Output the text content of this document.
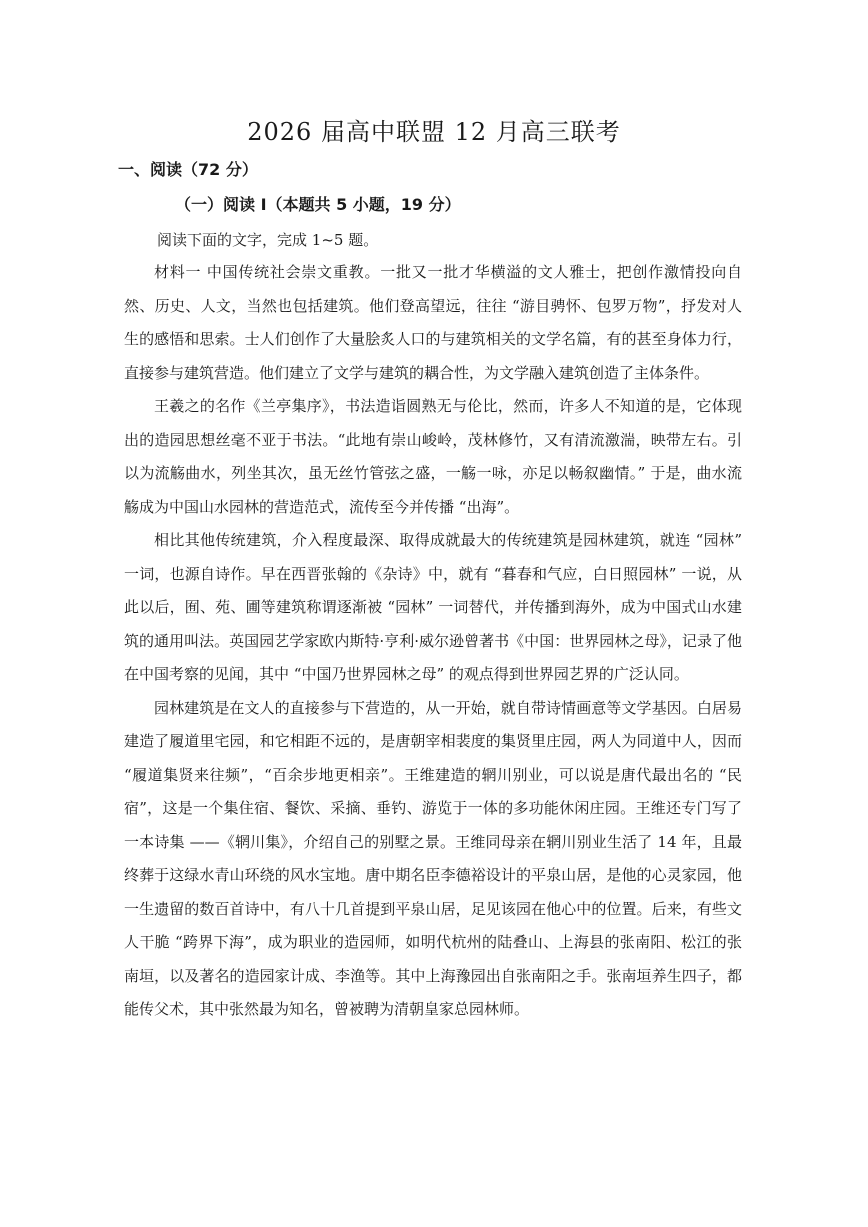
2026 届高中联盟 12 月高三联考
一、阅读（72 分）
（一）阅读 Ⅰ（本题共 5 小题，19 分）
阅读下面的文字，完成 1~5 题。

材料一 中国传统社会崇文重教。一批又一批才华横溢的文人雅士，把创作激情投向自然、历史、人文，当然也包括建筑。他们登高望远，往往 “游目骋怀、包罗万物”，抒发对人生的感悟和思索。士人们创作了大量脍炙人口的与建筑相关的文学名篇，有的甚至身体力行，直接参与建筑营造。他们建立了文学与建筑的耦合性，为文学融入建筑创造了主体条件。

王羲之的名作《兰亭集序》，书法造诣圆熟无与伦比，然而，许多人不知道的是，它体现出的造园思想丝毫不亚于书法。“此地有崇山峻岭，茂林修竹，又有清流激湍，映带左右。引以为流觞曲水，列坐其次，虽无丝竹管弦之盛，一觞一咏，亦足以畅叙幽情。” 于是，曲水流觞成为中国山水园林的营造范式，流传至今并传播 “出海”。

相比其他传统建筑，介入程度最深、取得成就最大的传统建筑是园林建筑，就连 “园林” 一词，也源自诗作。早在西晋张翰的《杂诗》中，就有 “暮春和气应，白日照园林” 一说，从此以后，囿、苑、圃等建筑称谓逐渐被 “园林” 一词替代，并传播到海外，成为中国式山水建筑的通用叫法。英国园艺学家欧内斯特·亨利·威尔逊曾著书《中国：世界园林之母》，记录了他在中国考察的见闻，其中 “中国乃世界园林之母” 的观点得到世界园艺界的广泛认同。

园林建筑是在文人的直接参与下营造的，从一开始，就自带诗情画意等文学基因。白居易建造了履道里宅园，和它相距不远的，是唐朝宰相裴度的集贤里庄园，两人为同道中人，因而 “履道集贤来往频”，“百余步地更相亲”。王维建造的辋川别业，可以说是唐代最出名的 “民宿”，这是一个集住宿、餐饮、采摘、垂钓、游览于一体的多功能休闲庄园。王维还专门写了一本诗集 ——《辋川集》，介绍自己的别墅之景。王维同母亲在辋川别业生活了 14 年，且最终葬于这绿水青山环绕的风水宝地。唐中期名臣李德裕设计的平泉山居，是他的心灵家园，他一生遗留的数百首诗中，有八十几首提到平泉山居，足见该园在他心中的位置。后来，有些文人干脆 “跨界下海”，成为职业的造园师，如明代杭州的陆叠山、上海县的张南阳、松江的张南垣，以及著名的造园家计成、李渔等。其中上海豫园出自张南阳之手。张南垣养生四子，都能传父术，其中张然最为知名，曾被聘为清朝皇家总园林师。
